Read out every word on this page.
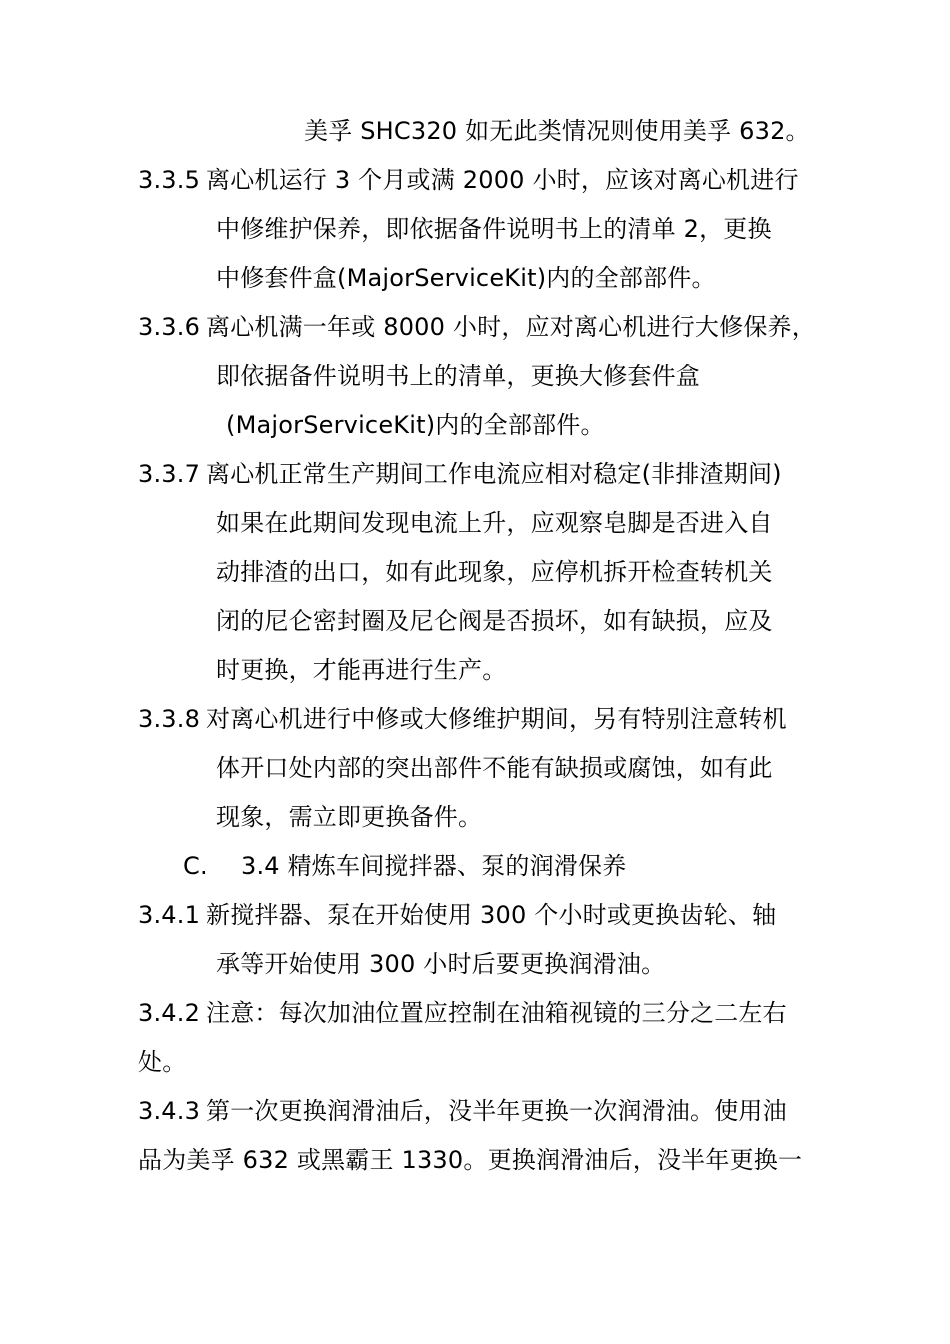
美孚 SHC320 如无此类情况则使用美孚 632。
3.3.5 离心机运行 3 个月或满 2000 小时，应该对离心机进行
中修维护保养，即依据备件说明书上的清单 2，更换
中修套件盒(MajorServiceKit)内的全部部件。
3.3.6 离心机满一年或 8000 小时，应对离心机进行大修保养，
即依据备件说明书上的清单，更换大修套件盒
(MajorServiceKit)内的全部部件。
3.3.7 离心机正常生产期间工作电流应相对稳定(非排渣期间)
如果在此期间发现电流上升，应观察皂脚是否进入自
动排渣的出口，如有此现象，应停机拆开检查转机关
闭的尼仑密封圈及尼仑阀是否损坏，如有缺损，应及
时更换，才能再进行生产。
3.3.8 对离心机进行中修或大修维护期间，另有特别注意转机
体开口处内部的突出部件不能有缺损或腐蚀，如有此
现象，需立即更换备件。
C. 3.4 精炼车间搅拌器、泵的润滑保养
3.4.1 新搅拌器、泵在开始使用 300 个小时或更换齿轮、轴
承等开始使用 300 小时后要更换润滑油。
3.4.2 注意：每次加油位置应控制在油箱视镜的三分之二左右
处。
3.4.3 第一次更换润滑油后，没半年更换一次润滑油。使用油
品为美孚 632 或黑霸王 1330。更换润滑油后，没半年更换一
